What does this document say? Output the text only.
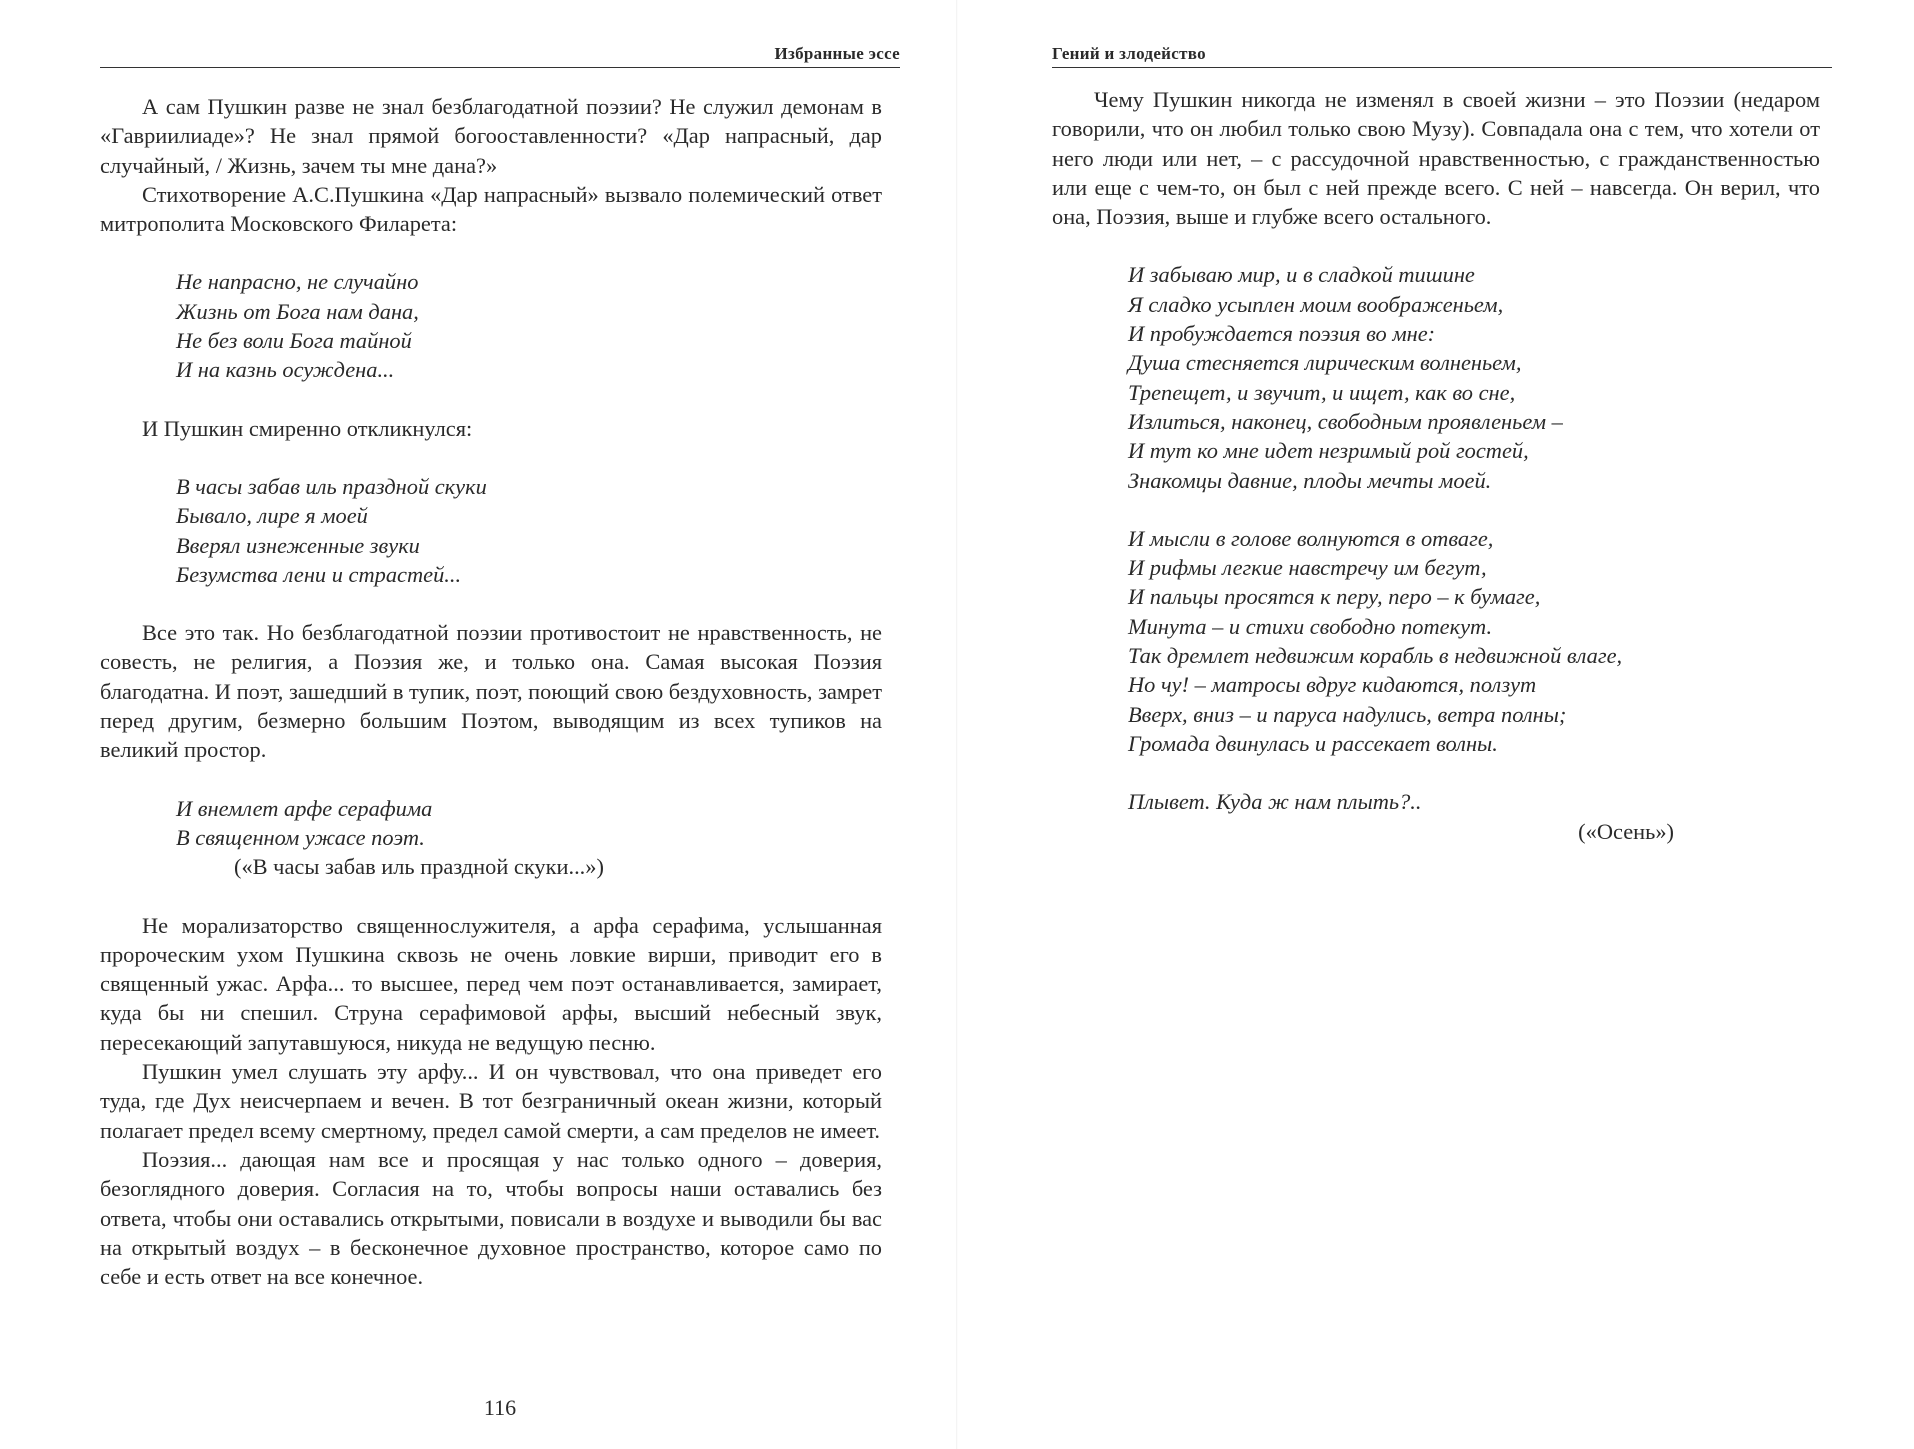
Избранные эссе

А сам Пушкин разве не знал безблагодатной поэзии? Не служил демонам в «Гавриилиаде»? Не знал прямой богооставленности? «Дар напрасный, дар случайный, / Жизнь, зачем ты мне дана?»

Стихотворение А.С.Пушкина «Дар напрасный» вызвало полемический ответ митрополита Московского Филарета:

Не напрасно, не случайно
Жизнь от Бога нам дана,
Не без воли Бога тайной
И на казнь осуждена...

И Пушкин смиренно откликнулся:

В часы забав иль праздной скуки
Бывало, лире я моей
Вверял изнеженные звуки
Безумства лени и страстей...

Все это так. Но безблагодатной поэзии противостоит не нравственность, не совесть, не религия, а Поэзия же, и только она. Самая высокая Поэзия благодатна. И поэт, зашедший в тупик, поэт, поющий свою бездуховность, замрет перед другим, безмерно большим Поэтом, выводящим из всех тупиков на великий простор.

И внемлет арфе серафима
В священном ужасе поэт.
(«В часы забав иль праздной скуки...»)

Не морализаторство священнослужителя, а арфа серафима, услышанная пророческим ухом Пушкина сквозь не очень ловкие вирши, приводит его в священный ужас. Арфа... то высшее, перед чем поэт останавливается, замирает, куда бы ни спешил. Струна серафимовой арфы, высший небесный звук, пересекающий запутавшуюся, никуда не ведущую песню.

Пушкин умел слушать эту арфу... И он чувствовал, что она приведет его туда, где Дух неисчерпаем и вечен. В тот безграничный океан жизни, который полагает предел всему смертному, предел самой смерти, а сам пределов не имеет.

Поэзия... дающая нам все и просящая у нас только одного – доверия, безоглядного доверия. Согласия на то, чтобы вопросы наши оставались без ответа, чтобы они оставались открытыми, повисали в воздухе и выводили бы вас на открытый воздух – в бесконечное духовное пространство, которое само по себе и есть ответ на все конечное.

116
Гений и злодейство

Чему Пушкин никогда не изменял в своей жизни – это Поэзии (недаром говорили, что он любил только свою Музу). Совпадала она с тем, что хотели от него люди или нет, – с рассудочной нравственностью, с гражданственностью или еще с чем-то, он был с ней прежде всего. С ней – навсегда. Он верил, что она, Поэзия, выше и глубже всего остального.

И забываю мир, и в сладкой тишине
Я сладко усыплен моим воображеньем,
И пробуждается поэзия во мне:
Душа стесняется лирическим волненьем,
Трепещет, и звучит, и ищет, как во сне,
Излиться, наконец, свободным проявленьем –
И тут ко мне идет незримый рой гостей,
Знакомцы давние, плоды мечты моей.
И мысли в голове волнуются в отваге,
И рифмы легкие навстречу им бегут,
И пальцы просятся к перу, перо – к бумаге,
Минута – и стихи свободно потекут.
Так дремлет недвижим корабль в недвижной влаге,
Но чу! – матросы вдруг кидаются, ползут
Вверх, вниз – и паруса надулись, ветра полны;
Громада двинулась и рассекает волны.
Плывет. Куда ж нам плыть?..
(«Осень»)
